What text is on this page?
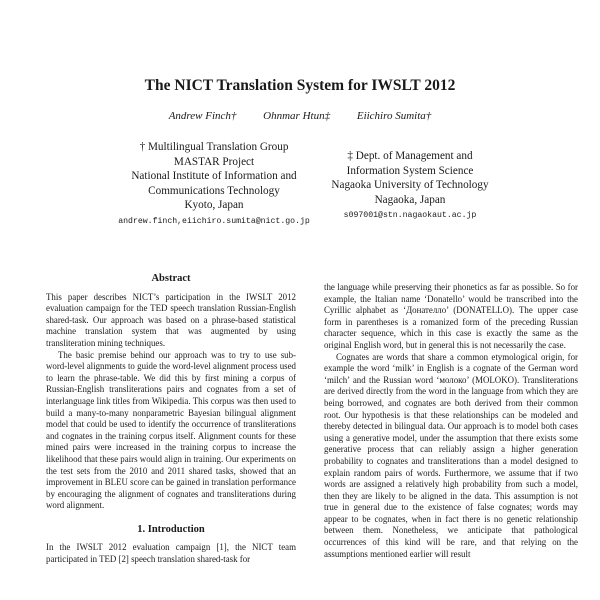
The NICT Translation System for IWSLT 2012
Andrew Finch† Ohnmar Htun‡ Eiichiro Sumita†
† Multilingual Translation Group
MASTAR Project
National Institute of Information and
Communications Technology
Kyoto, Japan
andrew.finch,eiichiro.sumita@nict.go.jp
‡ Dept. of Management and
Information System Science
Nagaoka University of Technology
Nagaoka, Japan
s097001@stn.nagaokaut.ac.jp
Abstract

This paper describes NICT’s participation in the IWSLT 2012 evaluation campaign for the TED speech translation Russian-English shared-task. Our approach was based on a phrase-based statistical machine translation system that was augmented by using transliteration mining techniques.

The basic premise behind our approach was to try to use sub-word-level alignments to guide the word-level alignment process used to learn the phrase-table. We did this by first mining a corpus of Russian-English transliterations pairs and cognates from a set of interlanguage link titles from Wikipedia. This corpus was then used to build a many-to-many nonparametric Bayesian bilingual alignment model that could be used to identify the occurrence of transliterations and cognates in the training corpus itself. Alignment counts for these mined pairs were increased in the training corpus to increase the likelihood that these pairs would align in training. Our experiments on the test sets from the 2010 and 2011 shared tasks, showed that an improvement in BLEU score can be gained in translation performance by encouraging the alignment of cognates and transliterations during word alignment.

1. Introduction

In the IWSLT 2012 evaluation campaign [1], the NICT team participated in TED [2] speech translation shared-task for

the language while preserving their phonetics as far as possible. So for example, the Italian name ‘Donatello’ would be transcribed into the Cyrillic alphabet as ‘Донателло’ (DONATELLO). The upper case form in parentheses is a romanized form of the preceding Russian character sequence, which in this case is exactly the same as the original English word, but in general this is not necessarily the case.

Cognates are words that share a common etymological origin, for example the word ‘milk’ in English is a cognate of the German word ‘milch’ and the Russian word ‘молоко’ (MOLOKO). Transliterations are derived directly from the word in the language from which they are being borrowed, and cognates are both derived from their common root. Our hypothesis is that these relationships can be modeled and thereby detected in bilingual data. Our approach is to model both cases using a generative model, under the assumption that there exists some generative process that can reliably assign a higher generation probability to cognates and transliterations than a model designed to explain random pairs of words. Furthermore, we assume that if two words are assigned a relatively high probability from such a model, then they are likely to be aligned in the data. This assumption is not true in general due to the existence of false cognates; words may appear to be cognates, when in fact there is no genetic relationship between them. Nonetheless, we anticipate that pathological occurrences of this kind will be rare, and that relying on the assumptions mentioned earlier will result
